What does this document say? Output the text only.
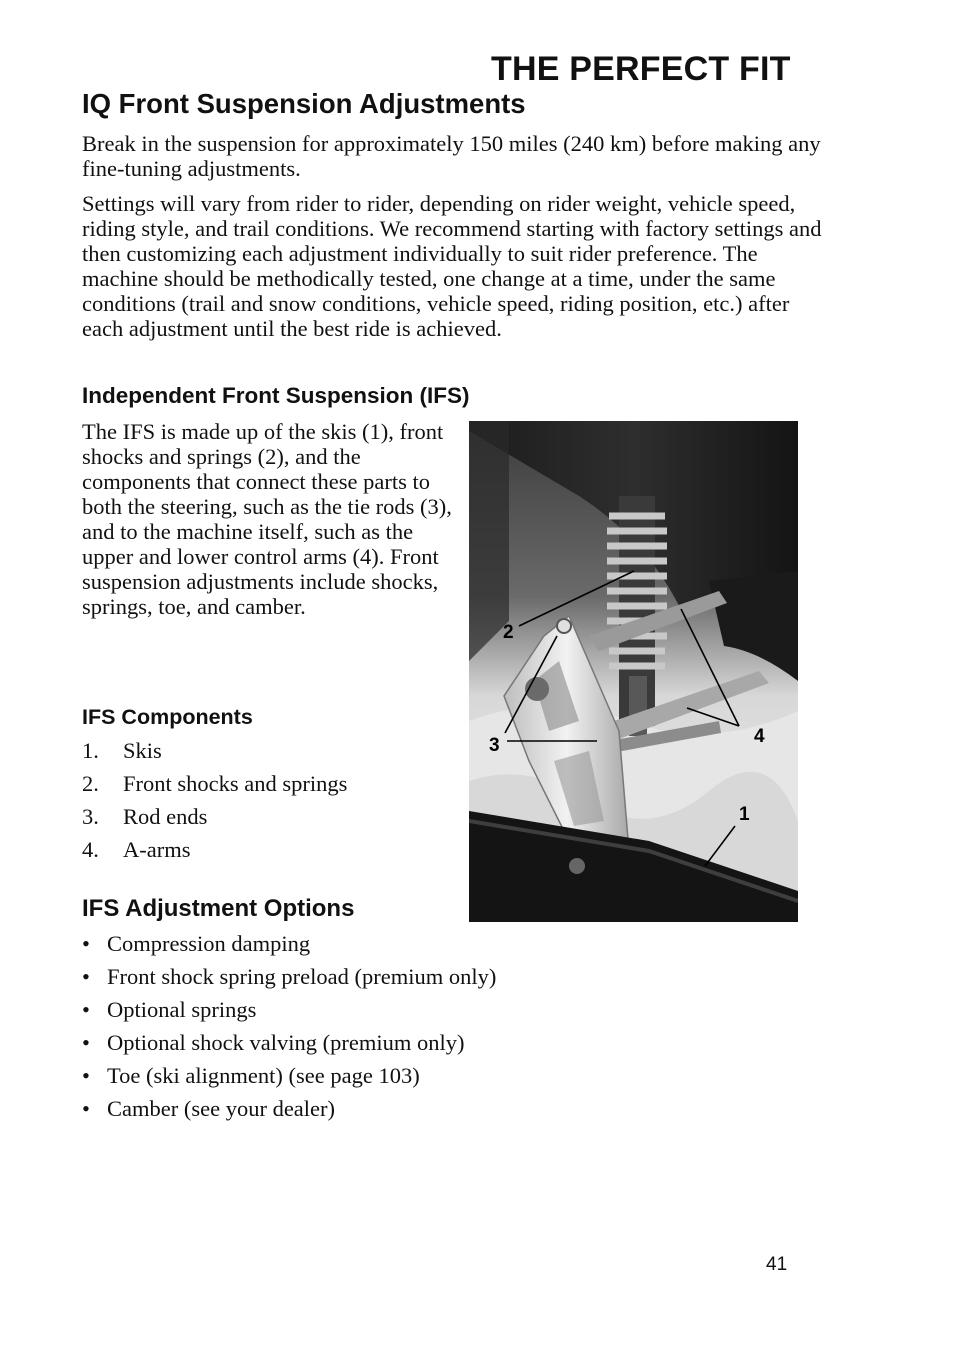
THE PERFECT FIT
IQ Front Suspension Adjustments

Break in the suspension for approximately 150 miles (240 km) before making any fine-tuning adjustments.

Settings will vary from rider to rider, depending on rider weight, vehicle speed, riding style, and trail conditions. We recommend starting with factory settings and then customizing each adjustment individually to suit rider preference. The machine should be methodically tested, one change at a time, under the same conditions (trail and snow conditions, vehicle speed, riding position, etc.) after each adjustment until the best ride is achieved.

Independent Front Suspension (IFS)

The IFS is made up of the skis (1), front shocks and springs (2), and the components that connect these parts to both the steering, such as the tie rods (3), and to the machine itself, such as the upper and lower control arms (4). Front suspension adjustments include shocks, springs, toe, and camber.

IFS Components
1. Skis
2. Front shocks and springs
3. Rod ends
4. A-arms
IFS Adjustment Options
• Compression damping
• Front shock spring preload (premium only)
• Optional springs
• Optional shock valving (premium only)
• Toe (ski alignment) (see page 103)
• Camber (see your dealer)
2
3	4
1
41
